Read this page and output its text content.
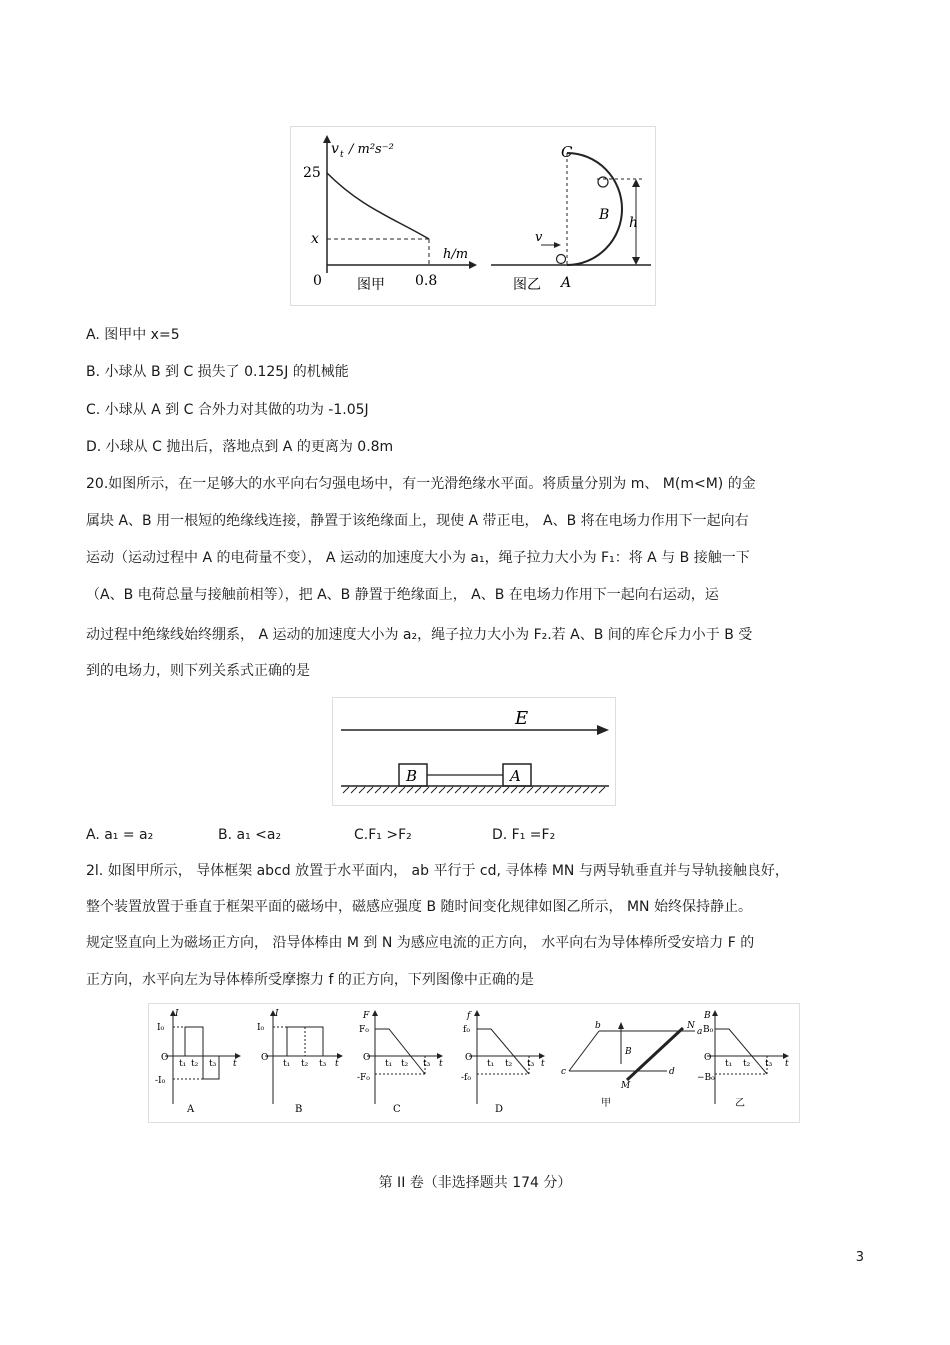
v t / m²s⁻²
25
x
0	0.8
h/m
图甲
h
C
B
v
图乙 A
A. 图甲中 x=5
B. 小球从 B 到 C 损失了 0.125J 的机械能
C. 小球从 A 到 C 合外力对其做的功为 -1.05J
D. 小球从 C 抛出后，落地点到 A 的更离为 0.8m
20.如图所示，在一足够大的水平向右匀强电场中，有一光滑绝缘水平面。将质量分别为 m、 M(m<M) 的金
属块 A、B 用一根短的绝缘线连接，静置于该绝缘面上，现使 A 带正电， A、B 将在电场力作用下一起向右
运动（运动过程中 A 的电荷量不变）， A 运动的加速度大小为 a₁，绳子拉力大小为 F₁：将 A 与 B 接触一下
（A、B 电荷总量与接触前相等），把 A、B 静置于绝缘面上， A、B 在电场力作用下一起向右运动，运
动过程中绝缘线始终绷系， A 运动的加速度大小为 a₂，绳子拉力大小为 F₂.若 A、B 间的库仑斥力小于 B 受
到的电场力，则下列关系式正确的是
E
B	A
A. a₁ = a₂	B. a₁ <a₂	C.F₁ >F₂	D. F₁ =F₂
2l. 如图甲所示， 导体框架 abcd 放置于水平面内， ab 平行于 cd, 寻体棒 MN 与两导轨垂直并与导轨接触良好，
整个装置放置于垂直于框架平面的磁场中，磁感应强度 B 随时间变化规律如图乙所示， MN 始终保持静止。
规定竖直向上为磁场正方向， 沿导体棒由 M 到 N 为感应电流的正方向， 水平向右为导体棒所受安培力 F 的
正方向，水平向左为导体棒所受摩擦力 f 的正方向，下列图像中正确的是
I
I₀
-I₀
O
t
t₁ t₂ t₃
A
I
I₀
O
t
t₁ t₂ t₃
B
F
F₀
-F₀
O
t
t₁ t₂ t₃
C
f
f₀
-f₀
O
t
t₁ t₂ t₃
D
b
a
c	d
N
M
B
甲
B
B₀
−B₀
O
t
t₁ t₂ t₃
乙
第 II 卷（非选择题共 174 分）
3
